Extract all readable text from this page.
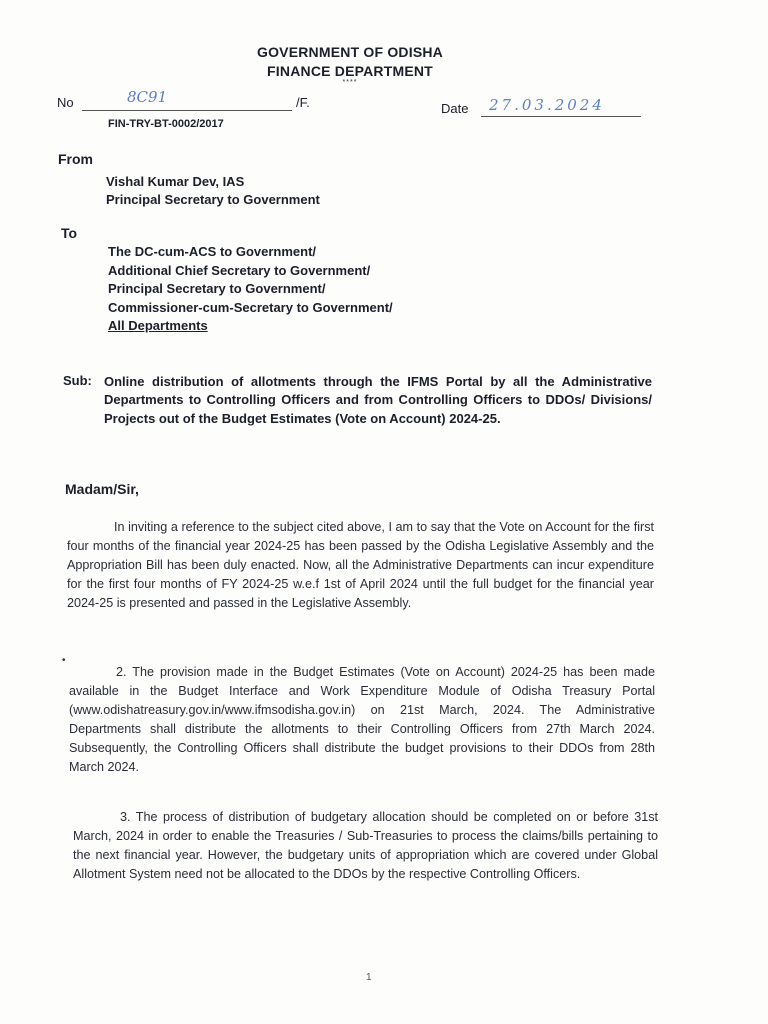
GOVERNMENT OF ODISHA
FINANCE DEPARTMENT
****
No	8C91	/F.
FIN-TRY-BT-0002/2017
Date 27.03.2024
From
Vishal Kumar Dev, IAS
Principal Secretary to Government
To
The DC-cum-ACS to Government/
Additional Chief Secretary to Government/
Principal Secretary to Government/
Commissioner-cum-Secretary to Government/
All Departments
Sub: Online distribution of allotments through the IFMS Portal by all the Administrative Departments to Controlling Officers and from Controlling Officers to DDOs/ Divisions/ Projects out of the Budget Estimates (Vote on Account) 2024-25.
Madam/Sir,
In inviting a reference to the subject cited above, I am to say that the Vote on Account for the first four months of the financial year 2024-25 has been passed by the Odisha Legislative Assembly and the Appropriation Bill has been duly enacted. Now, all the Administrative Departments can incur expenditure for the first four months of FY 2024-25 w.e.f 1st of April 2024 until the full budget for the financial year 2024-25 is presented and passed in the Legislative Assembly.
•
2. The provision made in the Budget Estimates (Vote on Account) 2024-25 has been made available in the Budget Interface and Work Expenditure Module of Odisha Treasury Portal (www.odishatreasury.gov.in/www.ifmsodisha.gov.in) on 21st March, 2024. The Administrative Departments shall distribute the allotments to their Controlling Officers from 27th March 2024. Subsequently, the Controlling Officers shall distribute the budget provisions to their DDOs from 28th March 2024.
3. The process of distribution of budgetary allocation should be completed on or before 31st March, 2024 in order to enable the Treasuries / Sub-Treasuries to process the claims/bills pertaining to the next financial year. However, the budgetary units of appropriation which are covered under Global Allotment System need not be allocated to the DDOs by the respective Controlling Officers.
1
